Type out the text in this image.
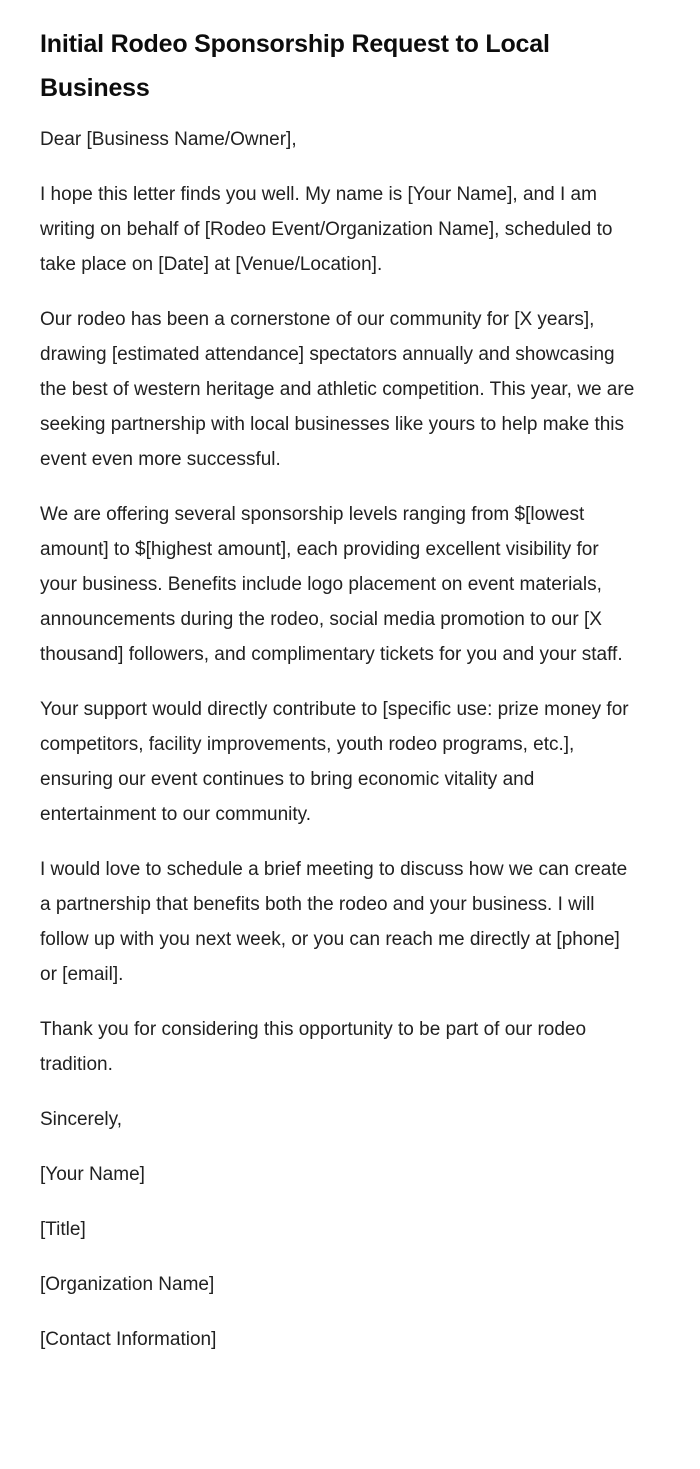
Initial Rodeo Sponsorship Request to Local Business

Dear [Business Name/Owner],

I hope this letter finds you well. My name is [Your Name], and I am writing on behalf of [Rodeo Event/Organization Name], scheduled to take place on [Date] at [Venue/Location].

Our rodeo has been a cornerstone of our community for [X years], drawing [estimated attendance] spectators annually and showcasing the best of western heritage and athletic competition. This year, we are seeking partnership with local businesses like yours to help make this event even more successful.

We are offering several sponsorship levels ranging from $[lowest amount] to $[highest amount], each providing excellent visibility for your business. Benefits include logo placement on event materials, announcements during the rodeo, social media promotion to our [X thousand] followers, and complimentary tickets for you and your staff.

Your support would directly contribute to [specific use: prize money for competitors, facility improvements, youth rodeo programs, etc.], ensuring our event continues to bring economic vitality and entertainment to our community.

I would love to schedule a brief meeting to discuss how we can create a partnership that benefits both the rodeo and your business. I will follow up with you next week, or you can reach me directly at [phone] or [email].

Thank you for considering this opportunity to be part of our rodeo tradition.

Sincerely,

[Your Name]

[Title]

[Organization Name]

[Contact Information]
